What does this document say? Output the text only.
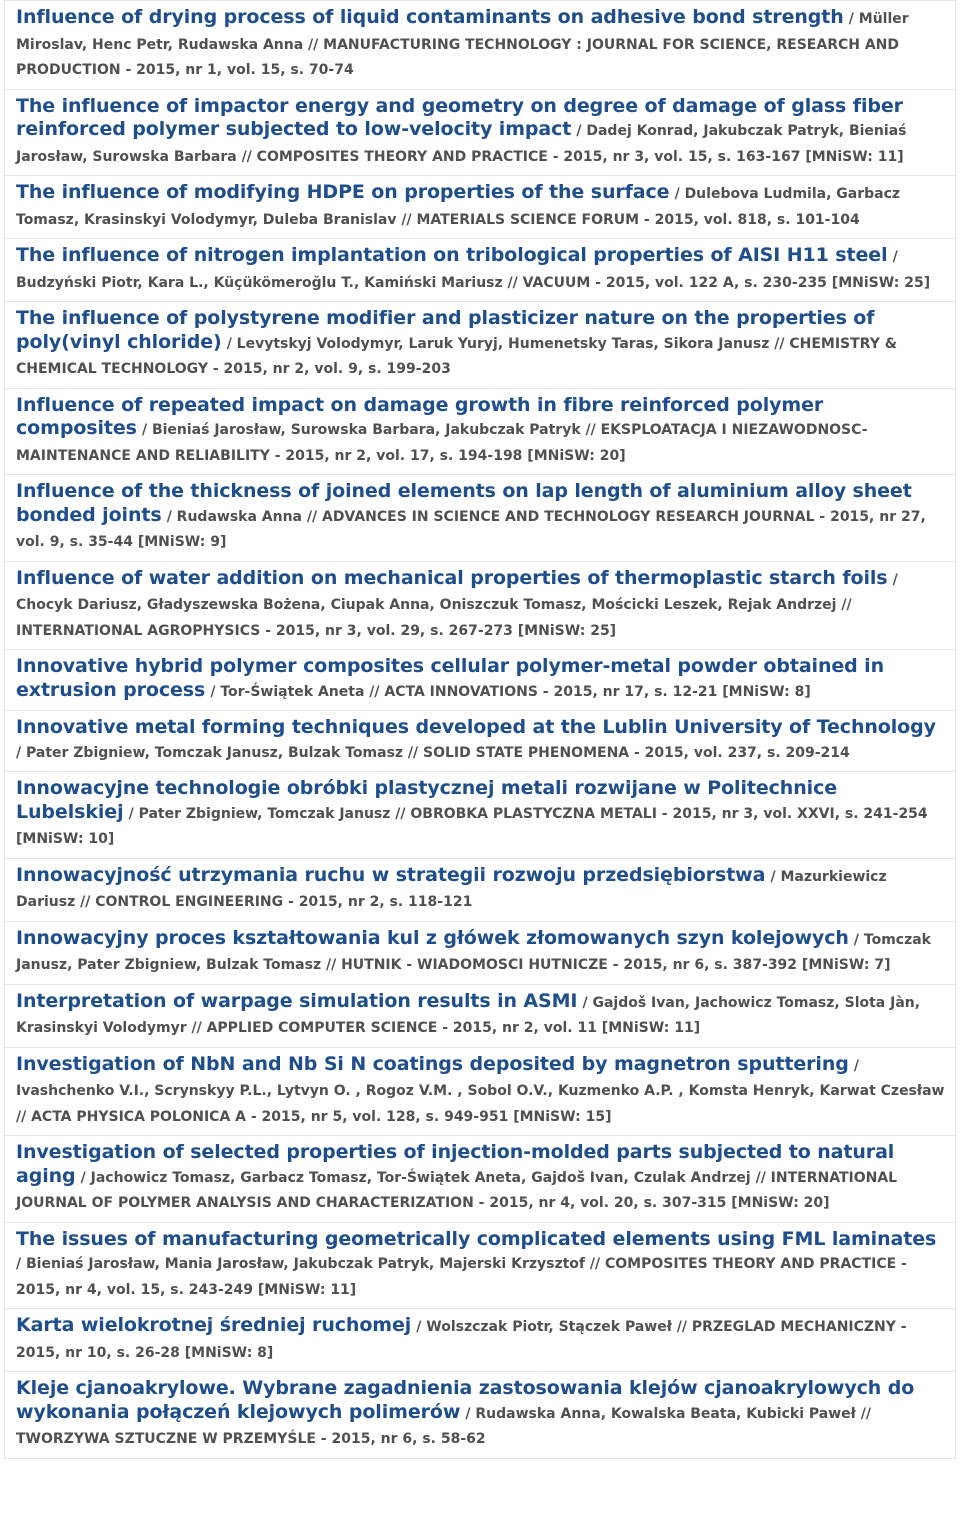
Influence of drying process of liquid contaminants on adhesive bond strength / Müller Miroslav, Henc Petr, Rudawska Anna // MANUFACTURING TECHNOLOGY : JOURNAL FOR SCIENCE, RESEARCH AND PRODUCTION - 2015, nr 1, vol. 15, s. 70-74
The influence of impactor energy and geometry on degree of damage of glass fiber reinforced polymer subjected to low-velocity impact / Dadej Konrad, Jakubczak Patryk, Bieniaś Jarosław, Surowska Barbara // COMPOSITES THEORY AND PRACTICE - 2015, nr 3, vol. 15, s. 163-167 [MNiSW: 11]
The influence of modifying HDPE on properties of the surface / Dulebova Ludmila, Garbacz Tomasz, Krasinskyi Volodymyr, Duleba Branislav // MATERIALS SCIENCE FORUM - 2015, vol. 818, s. 101-104
The influence of nitrogen implantation on tribological properties of AISI H11 steel / Budzyński Piotr, Kara L., Küçükömeroğlu T., Kamiński Mariusz // VACUUM - 2015, vol. 122 A, s. 230-235 [MNiSW: 25]
The influence of polystyrene modifier and plasticizer nature on the properties of poly(vinyl chloride) / Levytskyj Volodymyr, Laruk Yuryj, Humenetsky Taras, Sikora Janusz // CHEMISTRY & CHEMICAL TECHNOLOGY - 2015, nr 2, vol. 9, s. 199-203
Influence of repeated impact on damage growth in fibre reinforced polymer composites / Bieniaś Jarosław, Surowska Barbara, Jakubczak Patryk // EKSPLOATACJA I NIEZAWODNOSC-MAINTENANCE AND RELIABILITY - 2015, nr 2, vol. 17, s. 194-198 [MNiSW: 20]
Influence of the thickness of joined elements on lap length of aluminium alloy sheet bonded joints / Rudawska Anna // ADVANCES IN SCIENCE AND TECHNOLOGY RESEARCH JOURNAL - 2015, nr 27, vol. 9, s. 35-44 [MNiSW: 9]
Influence of water addition on mechanical properties of thermoplastic starch foils / Chocyk Dariusz, Gładyszewska Bożena, Ciupak Anna, Oniszczuk Tomasz, Mościcki Leszek, Rejak Andrzej // INTERNATIONAL AGROPHYSICS - 2015, nr 3, vol. 29, s. 267-273 [MNiSW: 25]
Innovative hybrid polymer composites cellular polymer-metal powder obtained in extrusion process / Tor-Świątek Aneta // ACTA INNOVATIONS - 2015, nr 17, s. 12-21 [MNiSW: 8]
Innovative metal forming techniques developed at the Lublin University of Technology / Pater Zbigniew, Tomczak Janusz, Bulzak Tomasz // SOLID STATE PHENOMENA - 2015, vol. 237, s. 209-214
Innowacyjne technologie obróbki plastycznej metali rozwijane w Politechnice Lubelskiej / Pater Zbigniew, Tomczak Janusz // OBROBKA PLASTYCZNA METALI - 2015, nr 3, vol. XXVI, s. 241-254 [MNiSW: 10]
Innowacyjność utrzymania ruchu w strategii rozwoju przedsiębiorstwa / Mazurkiewicz Dariusz // CONTROL ENGINEERING - 2015, nr 2, s. 118-121
Innowacyjny proces kształtowania kul z główek złomowanych szyn kolejowych / Tomczak Janusz, Pater Zbigniew, Bulzak Tomasz // HUTNIK - WIADOMOSCI HUTNICZE - 2015, nr 6, s. 387-392 [MNiSW: 7]
Interpretation of warpage simulation results in ASMI / Gajdoš Ivan, Jachowicz Tomasz, Slota Jàn, Krasinskyi Volodymyr // APPLIED COMPUTER SCIENCE - 2015, nr 2, vol. 11 [MNiSW: 11]
Investigation of NbN and Nb Si N coatings deposited by magnetron sputtering / Ivashchenko V.I., Scrynskyy P.L., Lytvyn O. , Rogoz V.M. , Sobol O.V., Kuzmenko A.P. , Komsta Henryk, Karwat Czesław // ACTA PHYSICA POLONICA A - 2015, nr 5, vol. 128, s. 949-951 [MNiSW: 15]
Investigation of selected properties of injection-molded parts subjected to natural aging / Jachowicz Tomasz, Garbacz Tomasz, Tor-Świątek Aneta, Gajdoš Ivan, Czulak Andrzej // INTERNATIONAL JOURNAL OF POLYMER ANALYSIS AND CHARACTERIZATION - 2015, nr 4, vol. 20, s. 307-315 [MNiSW: 20]
The issues of manufacturing geometrically complicated elements using FML laminates / Bieniaś Jarosław, Mania Jarosław, Jakubczak Patryk, Majerski Krzysztof // COMPOSITES THEORY AND PRACTICE - 2015, nr 4, vol. 15, s. 243-249 [MNiSW: 11]
Karta wielokrotnej średniej ruchomej / Wolszczak Piotr, Stączek Paweł // PRZEGLAD MECHANICZNY - 2015, nr 10, s. 26-28 [MNiSW: 8]
Kleje cjanoakrylowe. Wybrane zagadnienia zastosowania klejów cjanoakrylowych do wykonania połączeń klejowych polimerów / Rudawska Anna, Kowalska Beata, Kubicki Paweł // TWORZYWA SZTUCZNE W PRZEMYŚLE - 2015, nr 6, s. 58-62
